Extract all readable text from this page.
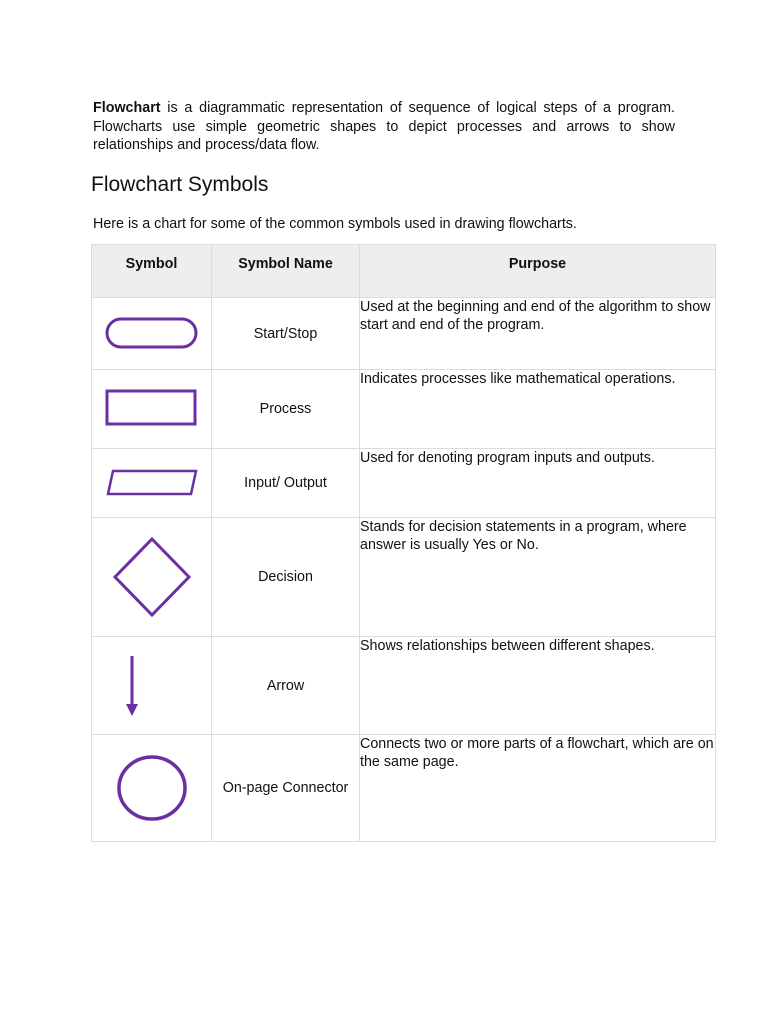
Flowchart is a diagrammatic representation of sequence of logical steps of a program. Flowcharts use simple geometric shapes to depict processes and arrows to show relationships and process/data flow.

Flowchart Symbols

Here is a chart for some of the common symbols used in drawing flowcharts.

Symbol	Symbol Name	Purpose

	Start/Stop	Used at the beginning and end of the algorithm to show start and end of the program.

	Process	Indicates processes like mathematical operations.

	Input/ Output	Used for denoting program inputs and outputs.

	Decision	Stands for decision statements in a program, where answer is usually Yes or No.

	Arrow	Shows relationships between different shapes.

	On-page Connector	Connects two or more parts of a flowchart, which are on the same page.
